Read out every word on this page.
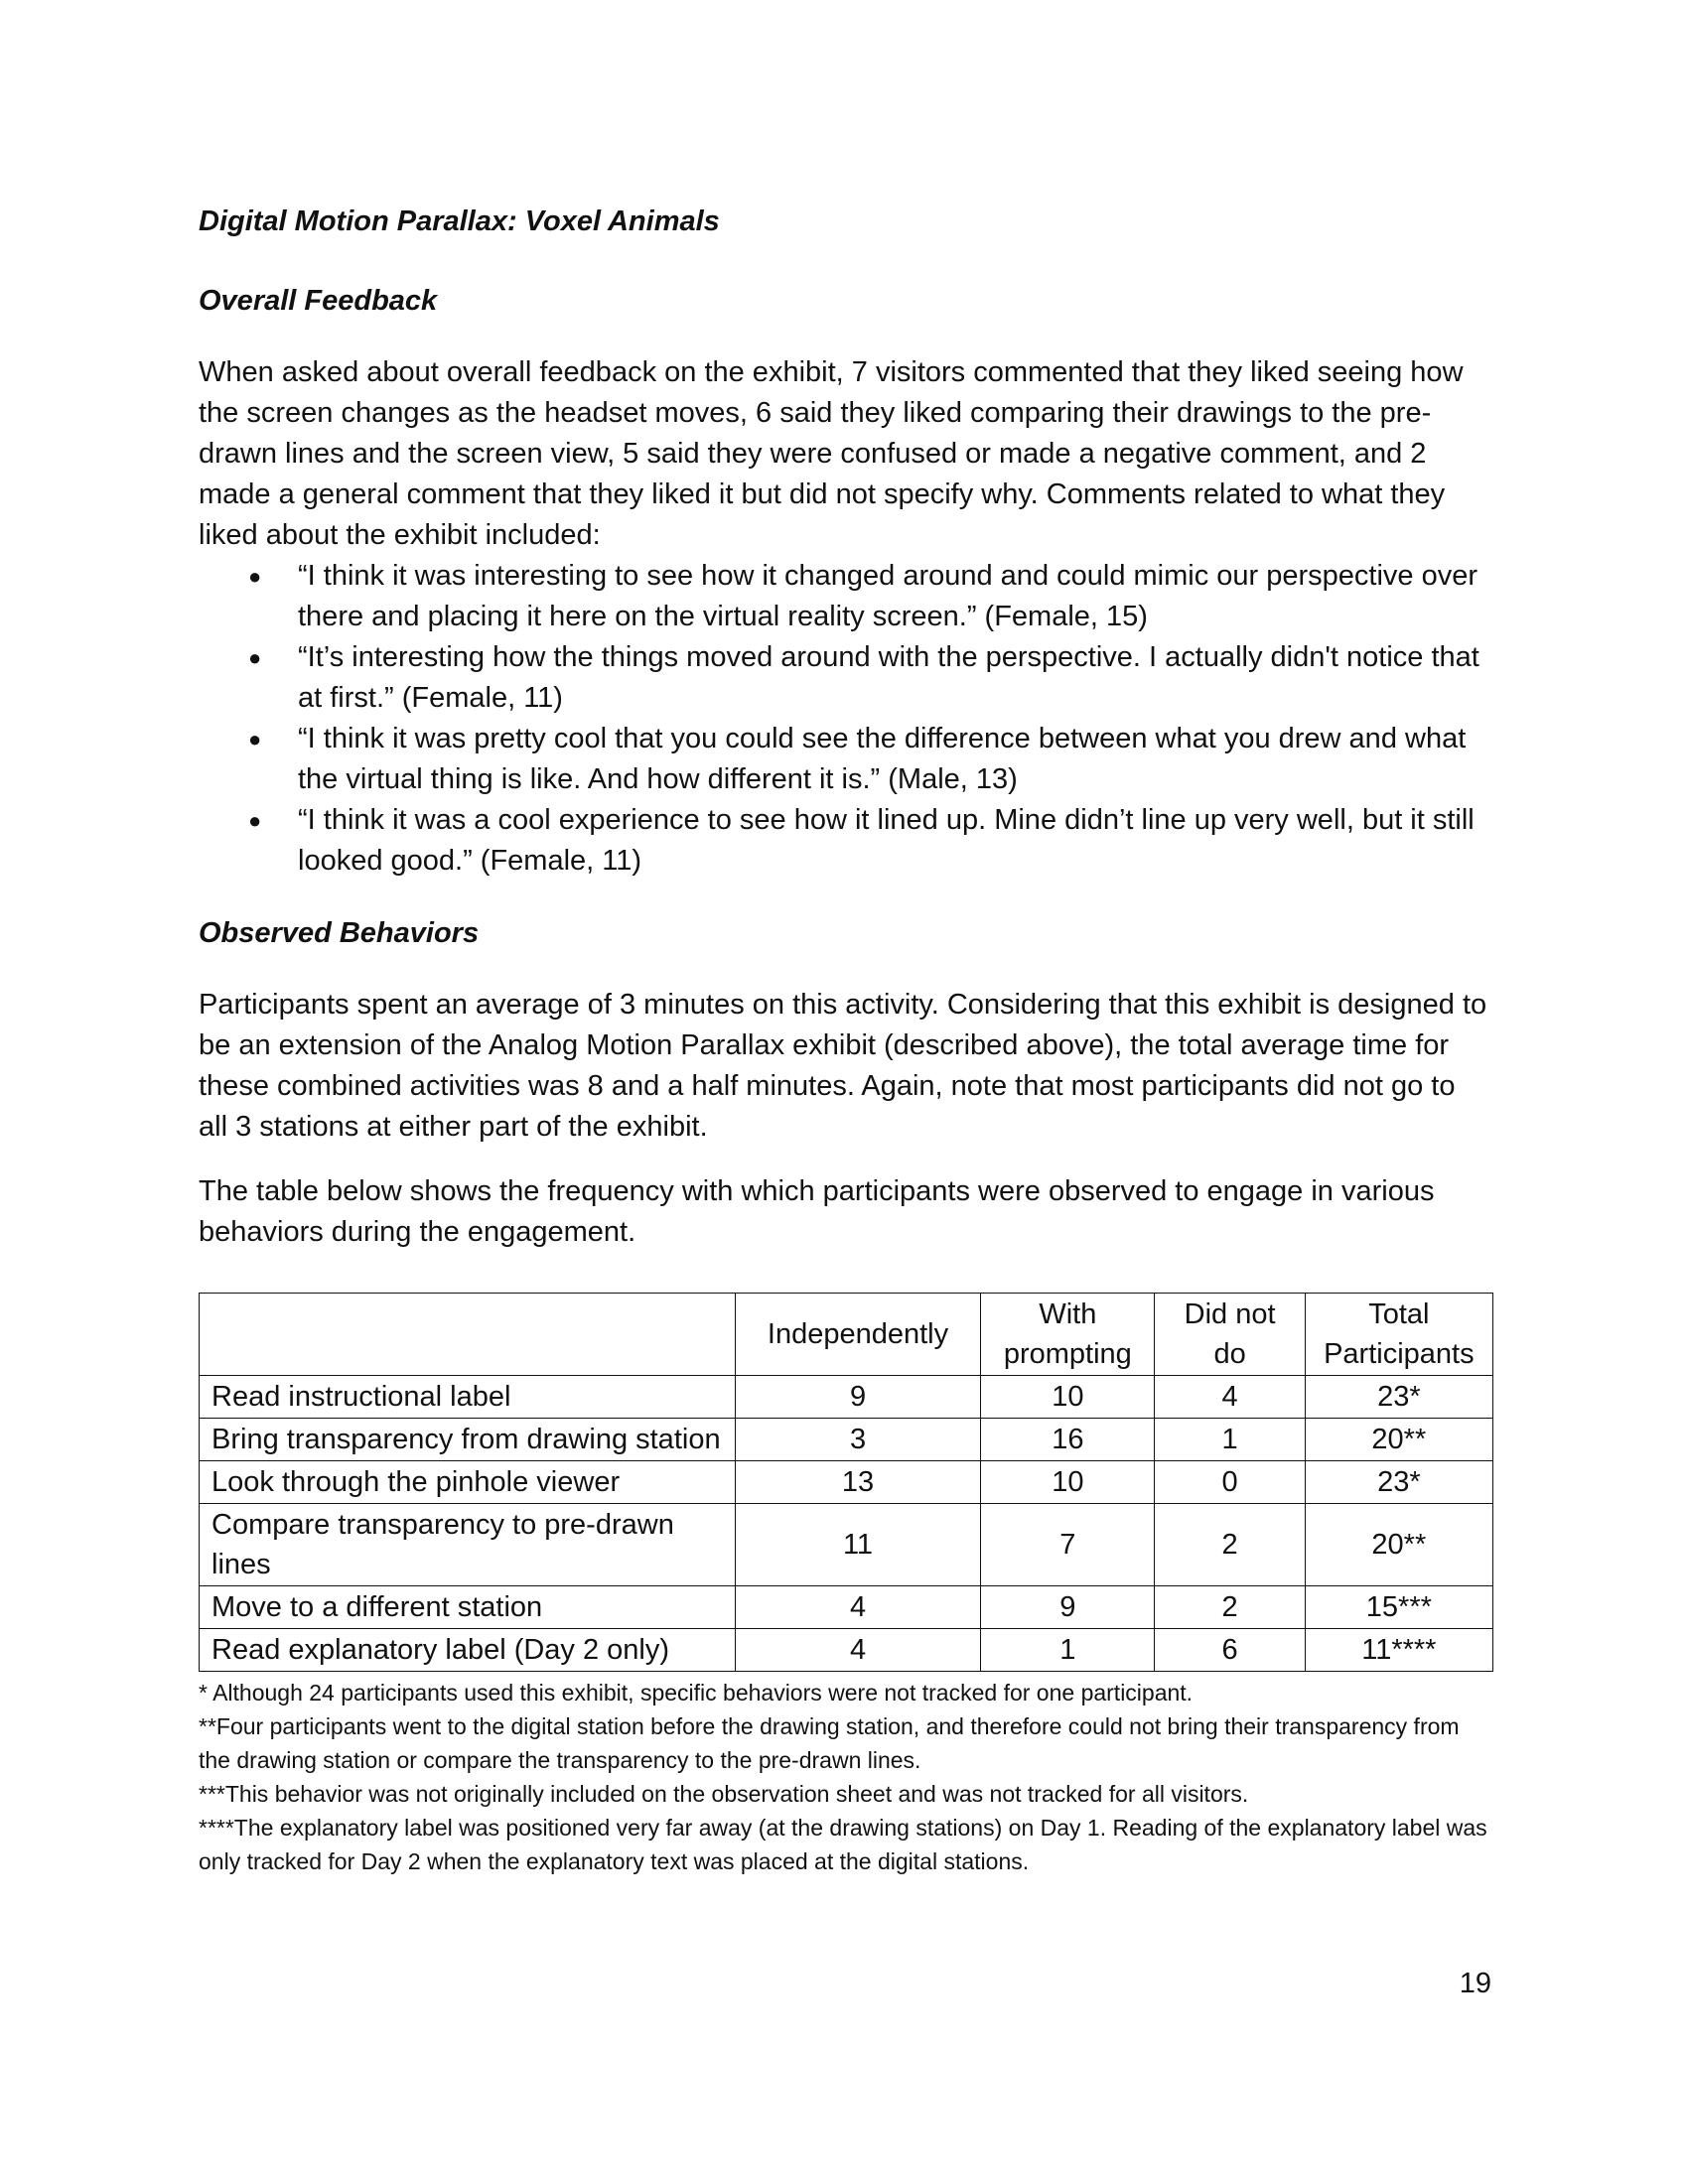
Digital Motion Parallax: Voxel Animals
Overall Feedback

When asked about overall feedback on the exhibit, 7 visitors commented that they liked seeing how the screen changes as the headset moves, 6 said they liked comparing their drawings to the pre-drawn lines and the screen view, 5 said they were confused or made a negative comment, and 2 made a general comment that they liked it but did not specify why. Comments related to what they liked about the exhibit included:

● “I think it was interesting to see how it changed around and could mimic our perspective over there and placing it here on the virtual reality screen.” (Female, 15)
● “It’s interesting how the things moved around with the perspective. I actually didn't notice that at first.” (Female, 11)
● “I think it was pretty cool that you could see the difference between what you drew and what the virtual thing is like. And how different it is.” (Male, 13)
● “I think it was a cool experience to see how it lined up. Mine didn’t line up very well, but it still looked good.” (Female, 11)
Observed Behaviors

Participants spent an average of 3 minutes on this activity. Considering that this exhibit is designed to be an extension of the Analog Motion Parallax exhibit (described above), the total average time for these combined activities was 8 and a half minutes. Again, note that most participants did not go to all 3 stations at either part of the exhibit.

The table below shows the frequency with which participants were observed to engage in various behaviors during the engagement.

	Independently	With prompting	Did not do	Total Participants
Read instructional label	9	10	4	23*
Bring transparency from drawing station	3	16	1	20**
Look through the pinhole viewer	13	10	0	23*
Compare transparency to pre-drawn lines	11	7	2	20**
Move to a different station	4	9	2	15***
Read explanatory label (Day 2 only)	4	1	6	11****

* Although 24 participants used this exhibit, specific behaviors were not tracked for one participant.

**Four participants went to the digital station before the drawing station, and therefore could not bring their transparency from the drawing station or compare the transparency to the pre-drawn lines.

***This behavior was not originally included on the observation sheet and was not tracked for all visitors.

****The explanatory label was positioned very far away (at the drawing stations) on Day 1. Reading of the explanatory label was only tracked for Day 2 when the explanatory text was placed at the digital stations.

19
